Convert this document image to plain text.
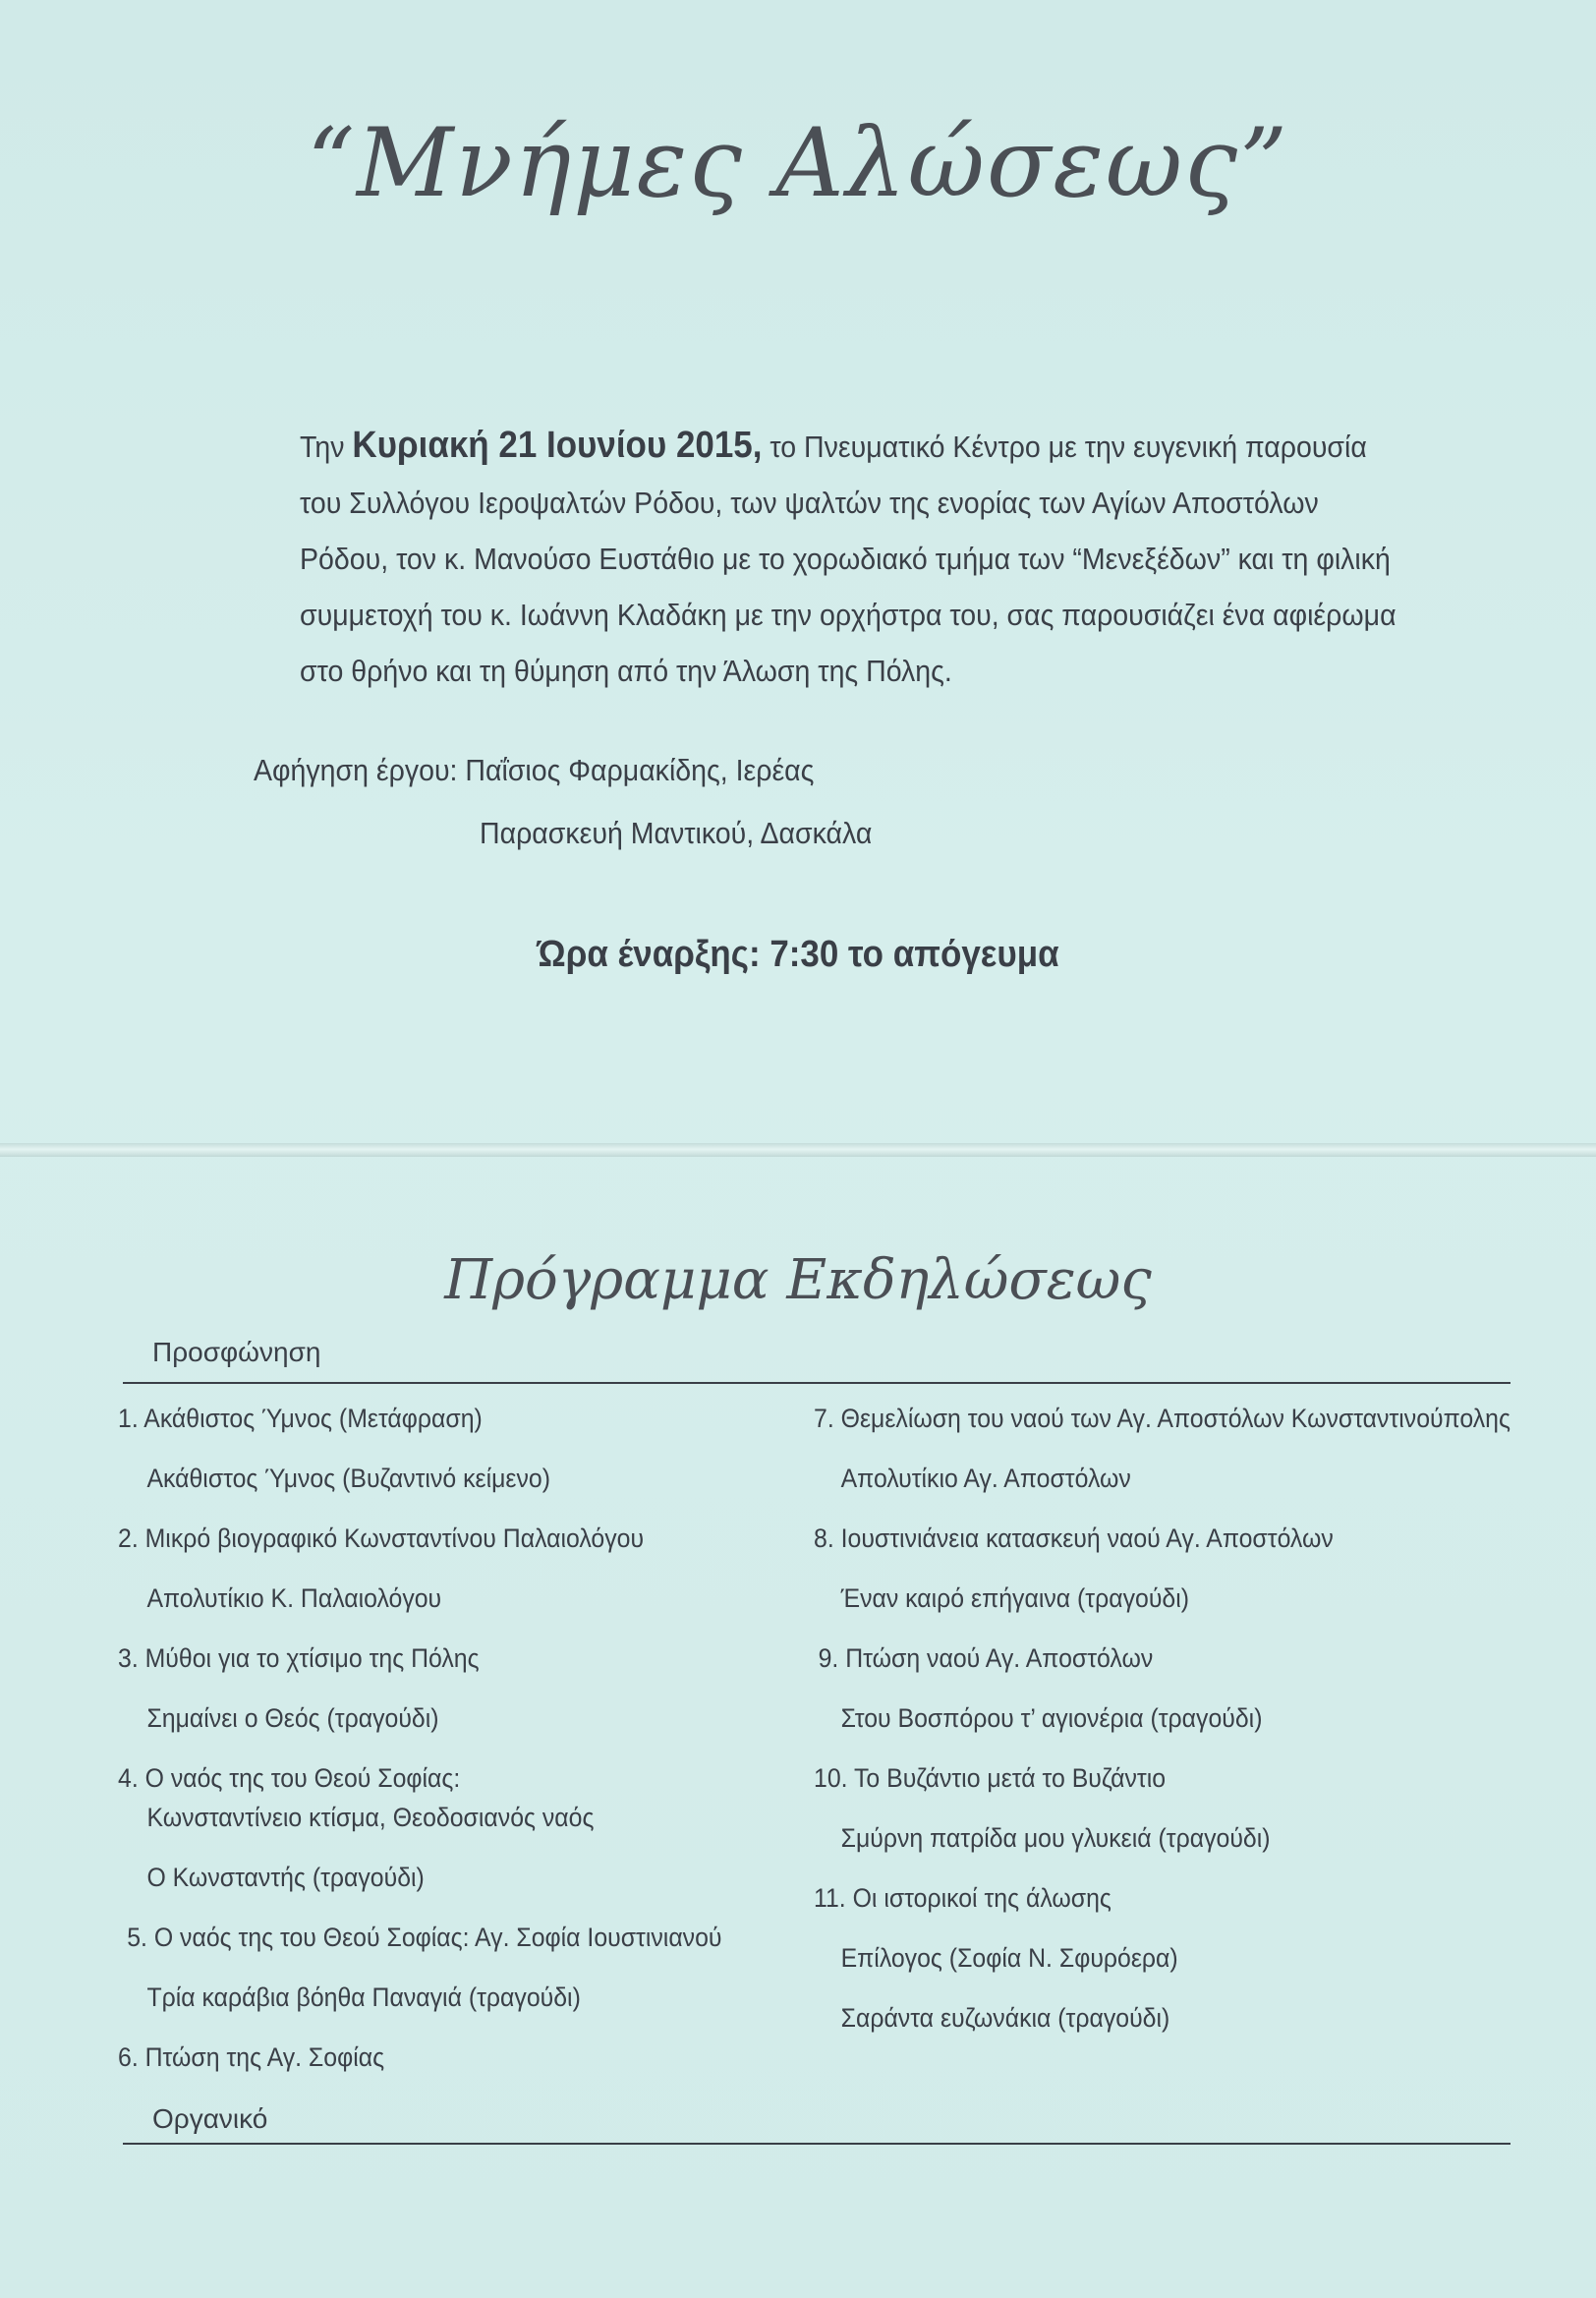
“Μνήμες Αλώσεως”
Την Κυριακή 21 Ιουνίου 2015, το Πνευματικό Κέντρο με την ευγενική παρουσία
του Συλλόγου Ιεροψαλτών Ρόδου, των ψαλτών της ενορίας των Αγίων Αποστόλων
Ρόδου, τον κ. Μανούσο Ευστάθιο με το χορωδιακό τμήμα των “Μενεξέδων” και τη φιλική
συμμετοχή του κ. Ιωάννη Κλαδάκη με την ορχήστρα του, σας παρουσιάζει ένα αφιέρωμα
στο θρήνο και τη θύμηση από την Άλωση της Πόλης.
Αφήγηση έργου: Παΐσιος Φαρμακίδης, Ιερέας
Παρασκευή Μαντικού, Δασκάλα
Ώρα έναρξης: 7:30 το απόγευμα
Πρόγραμμα Εκδηλώσεως
Προσφώνηση
1. Ακάθιστος Ύμνος (Μετάφραση)
Ακάθιστος Ύμνος (Βυζαντινό κείμενο)
2. Μικρό βιογραφικό Κωνσταντίνου Παλαιολόγου
Απολυτίκιο Κ. Παλαιολόγου
3. Μύθοι για το χτίσιμο της Πόλης
Σημαίνει ο Θεός (τραγούδι)
4. Ο ναός της του Θεού Σοφίας:
Κωνσταντίνειο κτίσμα, Θεοδοσιανός ναός
Ο Κωνσταντής (τραγούδι)
5. Ο ναός της του Θεού Σοφίας: Αγ. Σοφία Ιουστινιανού
Τρία καράβια βόηθα Παναγιά (τραγούδι)
6. Πτώση της Αγ. Σοφίας
7. Θεμελίωση του ναού των Αγ. Αποστόλων Κωνσταντινούπολης
Απολυτίκιο Αγ. Αποστόλων
8. Ιουστινιάνεια κατασκευή ναού Αγ. Αποστόλων
Έναν καιρό επήγαινα (τραγούδι)
9. Πτώση ναού Αγ. Αποστόλων
Στου Βοσπόρου τ’ αγιονέρια (τραγούδι)
10. Το Βυζάντιο μετά το Βυζάντιο
Σμύρνη πατρίδα μου γλυκειά (τραγούδι)
11. Οι ιστορικοί της άλωσης
Επίλογος (Σοφία Ν. Σφυρόερα)
Σαράντα ευζωνάκια (τραγούδι)
Οργανικό
